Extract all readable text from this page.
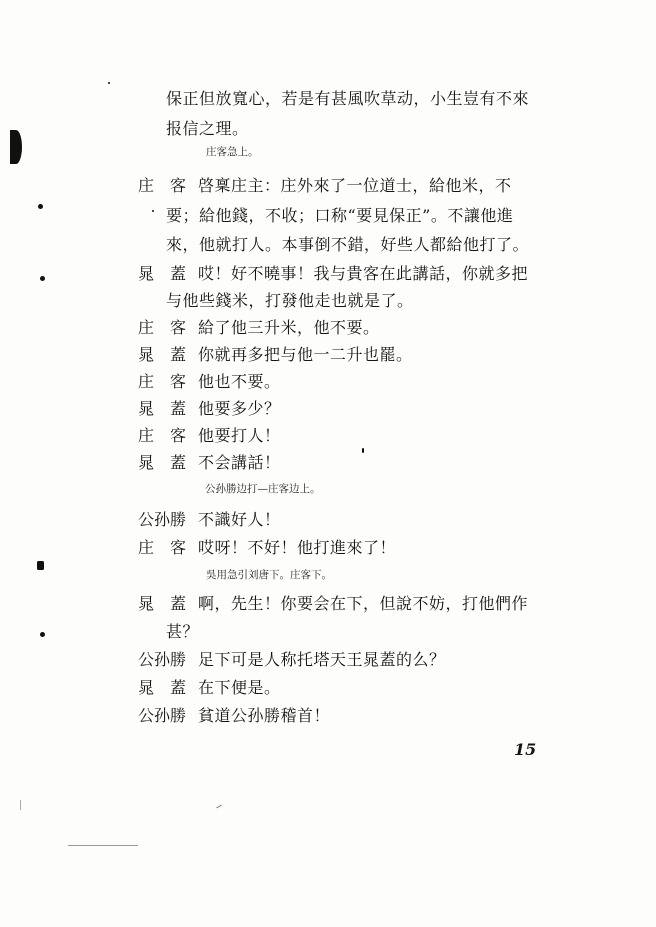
保正但放寬心，若是有甚風吹草动，小生豈有不來
报信之理。
庄客急上。
庄　客 啓稟庄主：庄外來了一位道士，給他米，不
要；給他錢，不收；口称“要見保正”。不讓他進
來，他就打人。本事倒不錯，好些人都給他打了。
晁　蓋 哎！好不曉事！我与貴客在此講話，你就多把
与他些錢米，打發他走也就是了。
庄　客 給了他三升米，他不要。
晁　蓋 你就再多把与他一二升也罷。
庄　客 他也不要。
晁　蓋 他要多少？
庄　客 他要打人！
晁　蓋 不会講話！
公孙勝边打—庄客边上。
公孙勝 不識好人！
庄　客 哎呀！不好！他打進來了！
吳用急引刘唐下。庄客下。
晁　蓋 啊，先生！你要会在下，但說不妨，打他們作
甚？
公孙勝 足下可是人称托塔天王晁蓋的么？
晁　蓋 在下便是。
公孙勝 貧道公孙勝稽首！
15
